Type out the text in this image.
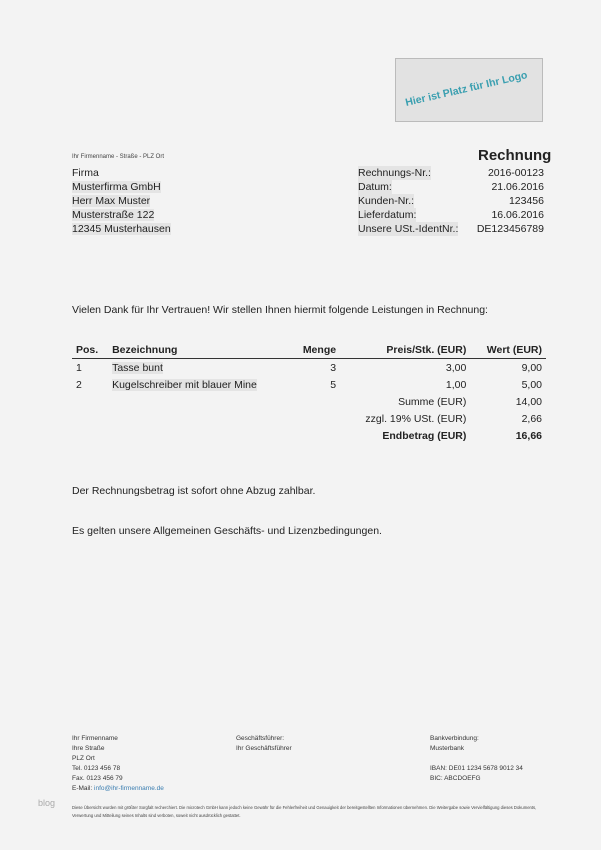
Hier ist Platz für Ihr Logo
Ihr Firmenname - Straße - PLZ Ort	Rechnung
Firma
Musterfirma GmbH
Herr Max Muster
Musterstraße 122
12345 Musterhausen
Rechnungs-Nr.:	2016-00123
Datum:	21.06.2016
Kunden-Nr.:	123456
Lieferdatum:	16.06.2016
Unsere USt.-IdentNr.: DE123456789
Vielen Dank für Ihr Vertrauen! Wir stellen Ihnen hiermit folgende Leistungen in Rechnung:
Pos.	Bezeichnung	Menge	Preis/Stk. (EUR)	Wert (EUR)
1	Tasse bunt	3	3,00	9,00
2	Kugelschreiber mit blauer Mine	5	1,00	5,00
			Summe (EUR)	14,00
			zzgl. 19% USt. (EUR)	2,66
			Endbetrag (EUR)	16,66
Der Rechnungsbetrag ist sofort ohne Abzug zahlbar.
Es gelten unsere Allgemeinen Geschäfts- und Lizenzbedingungen.
Ihr Firmenname
Ihre Straße
PLZ Ort
Tel. 0123 456 78
Fax. 0123 456 79
E-Mail: info@ihr-firmenname.de
Geschäftsführer:
Ihr Geschäftsführer
Bankverbindung:
Musterbank
IBAN: DE01 1234 5678 9012 34
BIC: ABCDOEFG
Diese Übersicht wurden mit größter Sorgfalt recherchiert. Die microtech GmbH kann jedoch keine Gewähr für die Fehlerfreiheit und Genauigkeit der bereitgestellten Informationen übernehmen. Die Weitergabe sowie Vervielfältigung dieses Dokuments, Verwertung und Mitteilung seines Inhalts sind verboten, soweit nicht ausdrücklich gestattet.
blog
